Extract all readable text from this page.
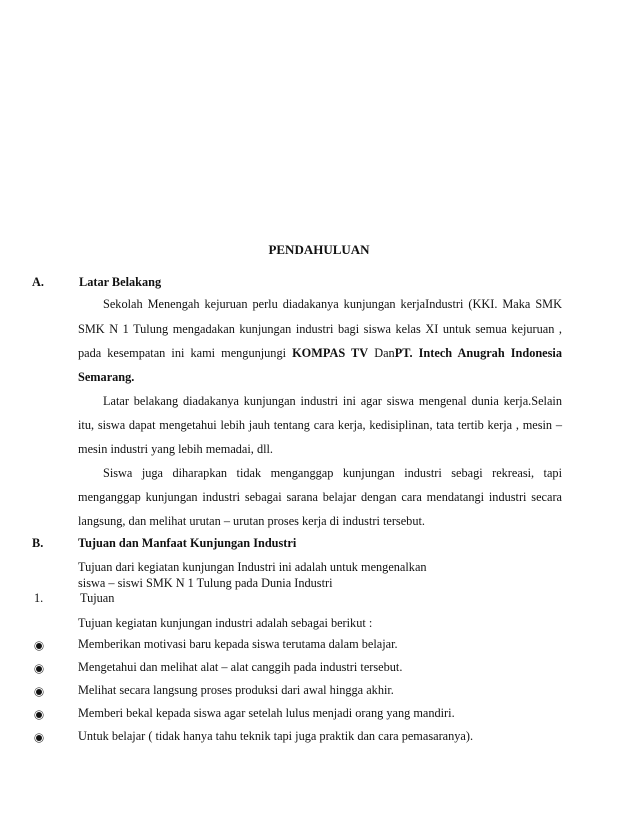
PENDAHULUAN
A.	Latar Belakang
Sekolah Menengah kejuruan perlu diadakanya kunjungan kerjaIndustri (KKI. Maka SMK
SMK N 1 Tulung mengadakan kunjungan industri bagi siswa kelas XI untuk semua kejuruan ,
pada kesempatan ini kami mengunjungi KOMPAS TV DanPT. Intech Anugrah Indonesia
Semarang.
Latar belakang diadakanya kunjungan industri ini agar siswa mengenal dunia kerja.Selain
itu, siswa dapat mengetahui lebih jauh tentang cara kerja, kedisiplinan, tata tertib kerja , mesin –
mesin industri yang lebih memadai, dll.
Siswa juga diharapkan tidak menganggap kunjungan industri sebagi rekreasi, tapi
menganggap kunjungan industri sebagai sarana belajar dengan cara mendatangi industri secara
langsung, dan melihat urutan – urutan proses kerja di industri tersebut.
B.	Tujuan dan Manfaat Kunjungan Industri
Tujuan dari kegiatan kunjungan Industri ini adalah untuk mengenalkan
siswa – siswi SMK N 1 Tulung pada Dunia Industri
1.	Tujuan
Tujuan kegiatan kunjungan industri adalah sebagai berikut :
Memberikan motivasi baru kepada siswa terutama dalam belajar.
Mengetahui dan melihat alat – alat canggih pada industri tersebut.
Melihat secara langsung proses produksi dari awal hingga akhir.
Memberi bekal kepada siswa agar setelah lulus menjadi orang yang mandiri.
Untuk belajar ( tidak hanya tahu teknik tapi juga praktik dan cara pemasaranya).
